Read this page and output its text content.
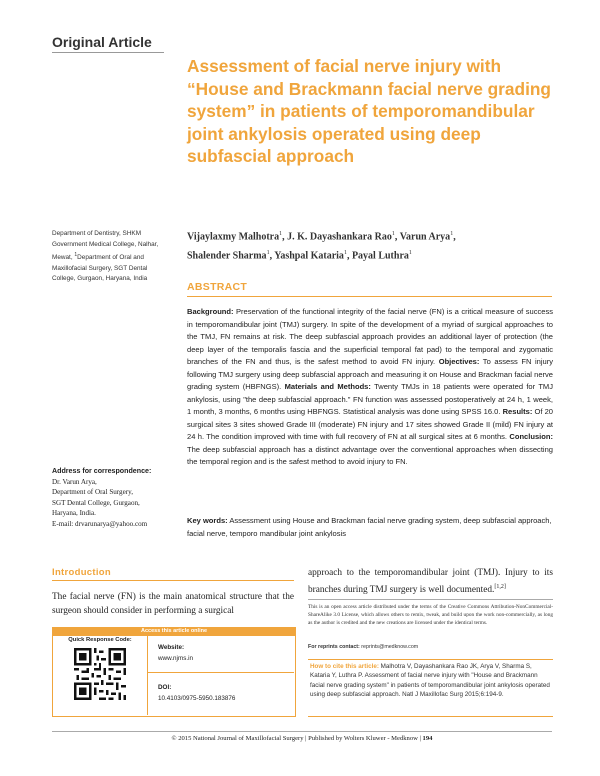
Original Article
Assessment of facial nerve injury with “House and Brackmann facial nerve grading system” in patients of temporomandibular joint ankylosis operated using deep subfascial approach
Vijaylaxmy Malhotra$^1$, J. K. Dayashankara Rao$^1$, Varun Arya$^1$,
Shalender Sharma$^1$, Yashpal Kataria$^1$, Payal Luthra$^1$
Department of Dentistry, SHKM Government Medical College, Nalhar, Mewat, $^1$Department of Oral and Maxillofacial Surgery, SGT Dental College, Gurgaon, Haryana, India
ABSTRACT
Background: Preservation of the functional integrity of the facial nerve (FN) is a critical measure of success in temporomandibular joint (TMJ) surgery. In spite of the development of a myriad of surgical approaches to the TMJ, FN remains at risk. The deep subfascial approach provides an additional layer of protection (the deep layer of the temporalis fascia and the superficial temporal fat pad) to the temporal and zygomatic branches of the FN and thus, is the safest method to avoid FN injury. Objectives: To assess FN injury following TMJ surgery using deep subfascial approach and measuring it on House and Brackman facial nerve grading system (HBFNGS). Materials and Methods: Twenty TMJs in 18 patients were operated for TMJ ankylosis, using "the deep subfascial approach." FN function was assessed postoperatively at 24 h, 1 week, 1 month, 3 months, 6 months using HBFNGS. Statistical analysis was done using SPSS 16.0. Results: Of 20 surgical sites 3 sites showed Grade III (moderate) FN injury and 17 sites showed Grade II (mild) FN injury at 24 h. The condition improved with time with full recovery of FN at all surgical sites at 6 months. Conclusion: The deep subfascial approach has a distinct advantage over the conventional approaches when dissecting the temporal region and is the safest method to avoid injury to FN.
Key words: Assessment using House and Brackman facial nerve grading system, deep subfascial approach, facial nerve, temporo mandibular joint ankylosis
Address for correspondence:
Dr. Varun Arya,
Department of Oral Surgery,
SGT Dental College, Gurgaon,
Haryana, India.
E-mail: drvarunarya@yahoo.com
Introduction
The facial nerve (FN) is the main anatomical structure that the surgeon should consider in performing a surgical
approach to the temporomandibular joint (TMJ). Injury to its branches during TMJ surgery is well documented.[1,2]
This is an open access article distributed under the terms of the Creative Commons Attribution-NonCommercial-ShareAlike 3.0 License, which allows others to remix, tweak, and build upon the work non-commercially, as long as the author is credited and the new creations are licensed under the identical terms.
For reprints contact: reprints@medknow.com
How to cite this article: Malhotra V, Dayashankara Rao JK, Arya V, Sharma S, Kataria Y, Luthra P. Assessment of facial nerve injury with "House and Brackmann facial nerve grading system" in patients of temporomandibular joint ankylosis operated using deep subfascial approach. Natl J Maxillofac Surg 2015;6:194-9.
Access this article online
Quick Response Code:
Website:
www.njms.in
DOI:
10.4103/0975-5950.183876
© 2015 National Journal of Maxillofacial Surgery | Published by Wolters Kluwer - Medknow | 194
